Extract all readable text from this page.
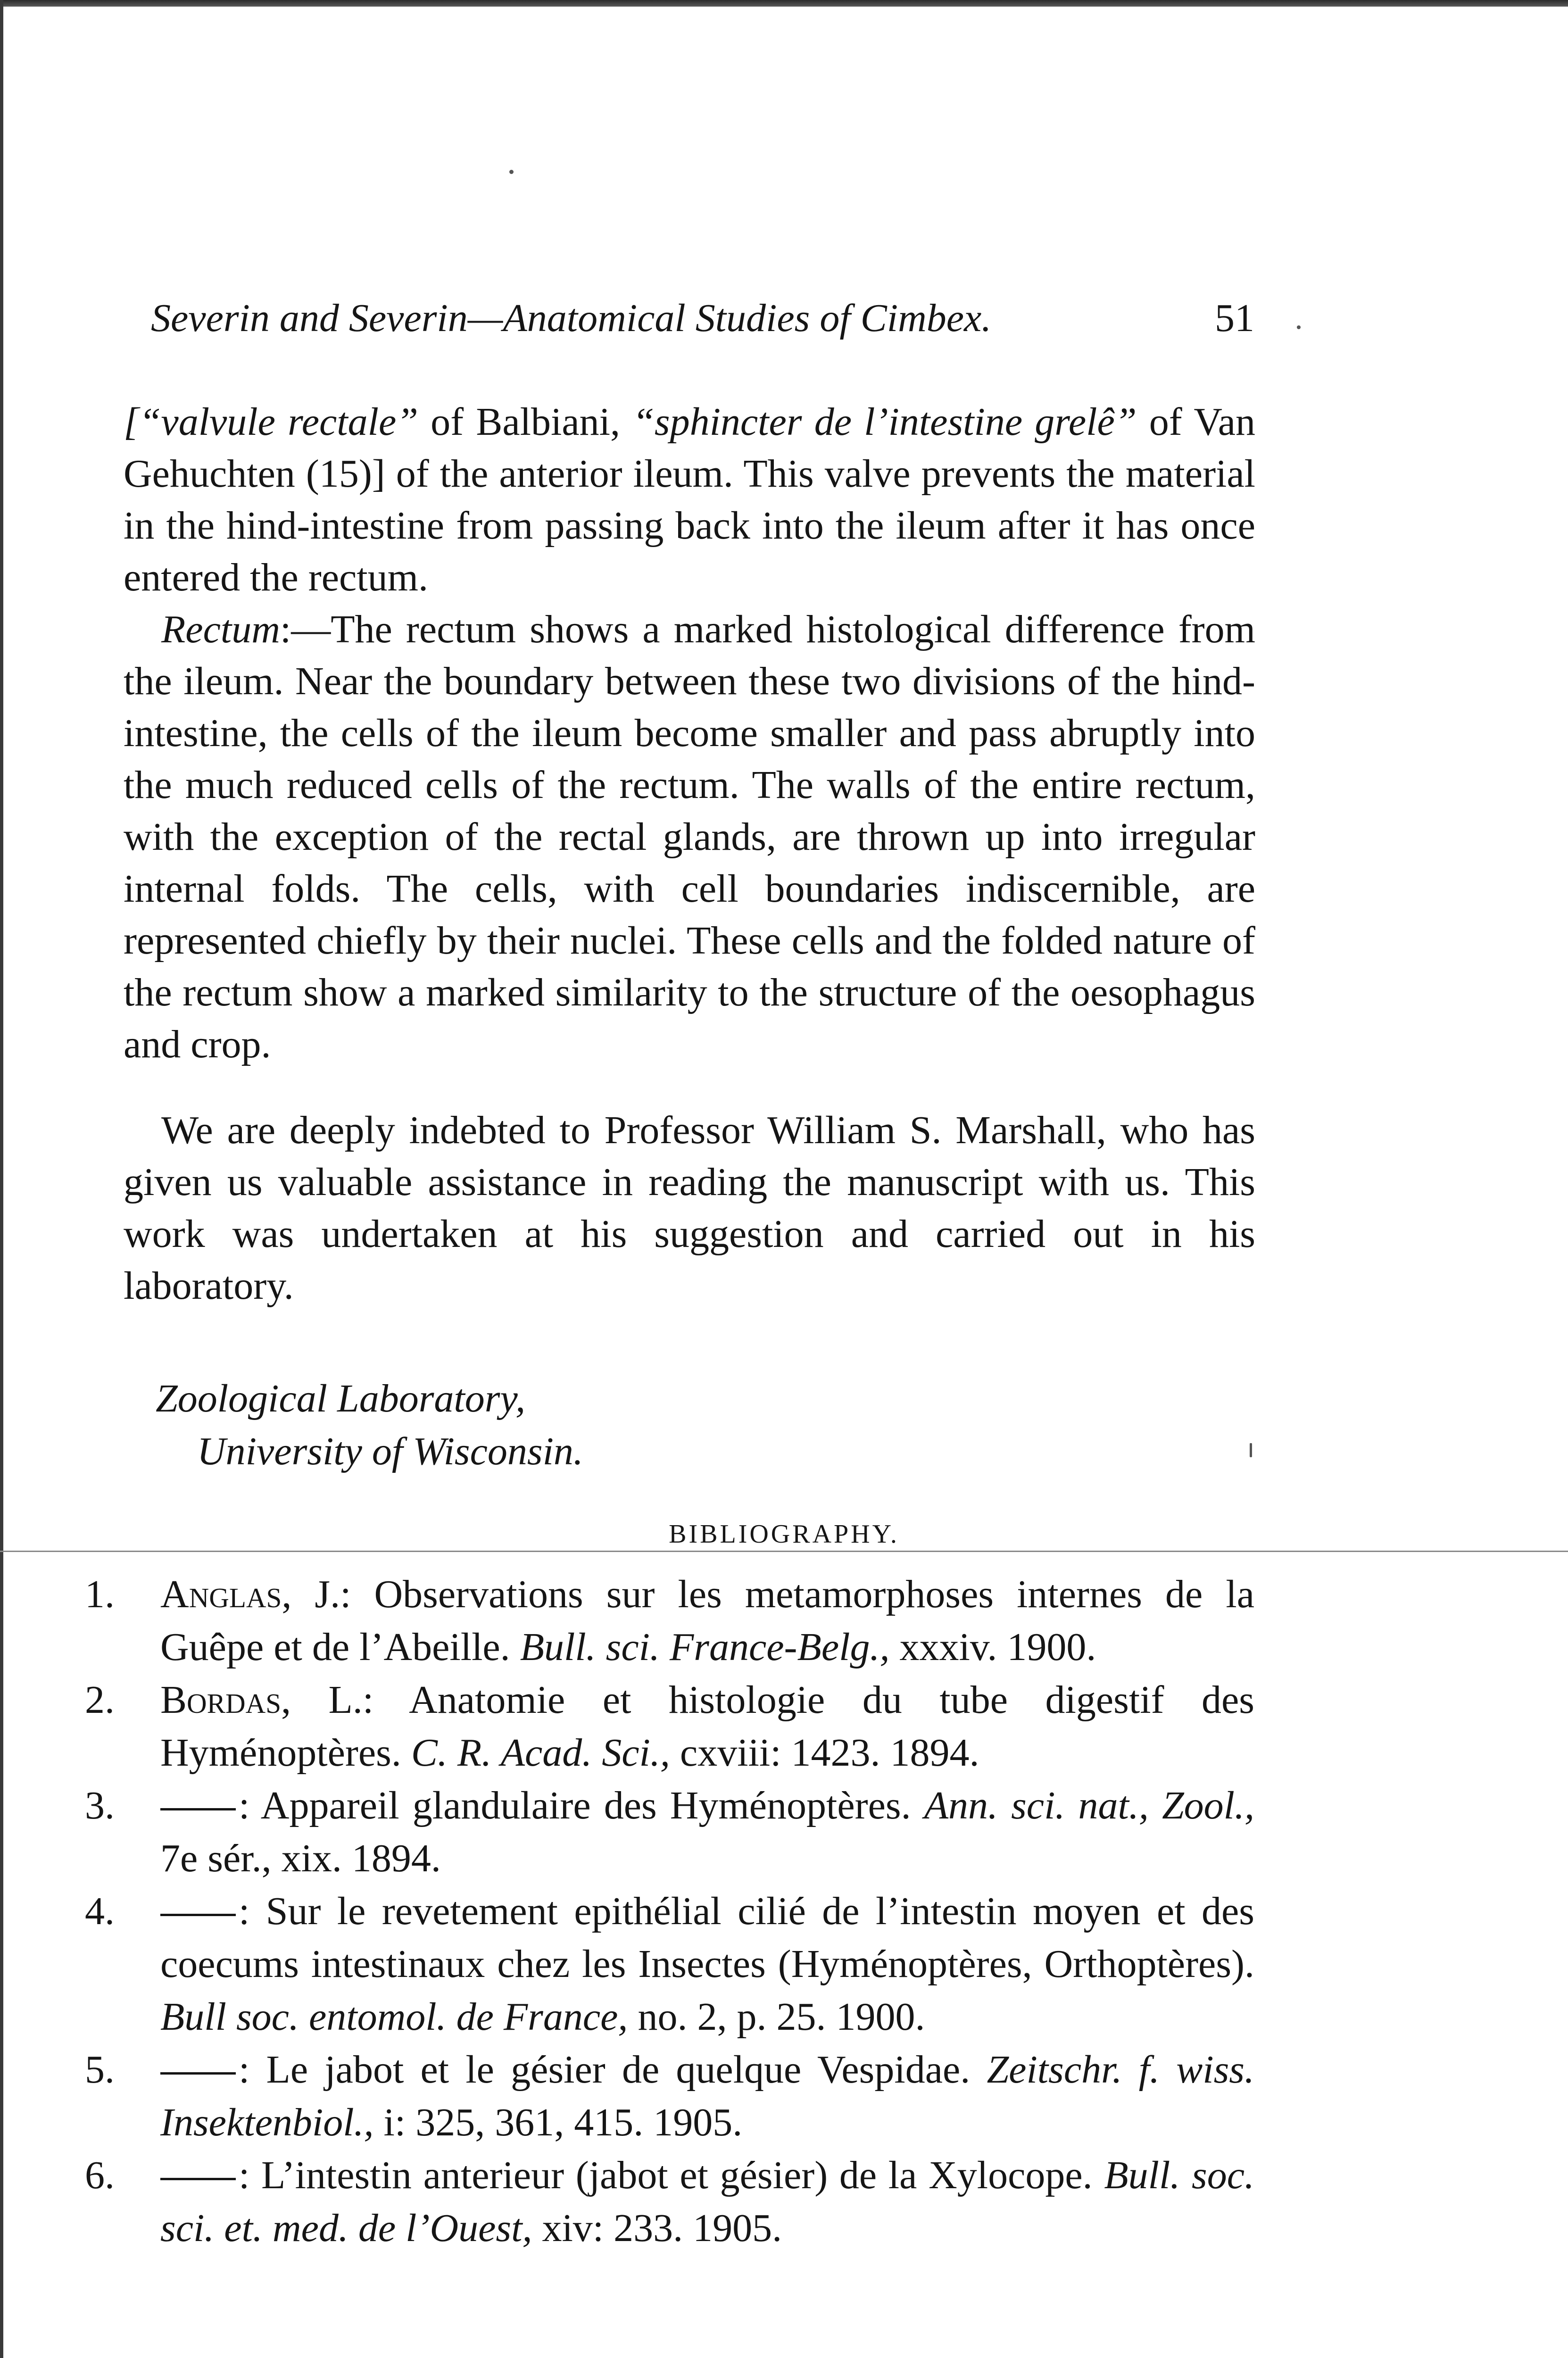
Severin and Severin—Anatomical Studies of Cimbex.	51

[“valvule rectale” of Balbiani, “sphincter de l’intestine grelê” of Van Gehuchten (15)] of the anterior ileum. This valve prevents the material in the hind-intestine from passing back into the ileum after it has once entered the rectum.

Rectum:—The rectum shows a marked histological difference from the ileum. Near the boundary between these two divisions of the hind-intestine, the cells of the ileum become smaller and pass abruptly into the much reduced cells of the rectum. The walls of the entire rectum, with the exception of the rectal glands, are thrown up into irregular internal folds. The cells, with cell boundaries indiscernible, are represented chiefly by their nuclei. These cells and the folded nature of the rectum show a marked similarity to the structure of the oesophagus and crop.

We are deeply indebted to Professor William S. Marshall, who has given us valuable assistance in reading the manuscript with us. This work was undertaken at his suggestion and carried out in his laboratory.

Zoological Laboratory,
University of Wisconsin.
BIBLIOGRAPHY.
1. Anglas, J.: Observations sur les metamorphoses internes de la Guêpe et de l’Abeille. Bull. sci. France-Belg., xxxiv. 1900.
2. Bordas, L.: Anatomie et histologie du tube digestif des Hyménoptères. C. R. Acad. Sci., cxviii: 1423. 1894.
3.	: Appareil glandulaire des Hyménoptères. Ann. sci. nat., Zool., 7e sér., xix. 1894.
4.	: Sur le revetement epithélial cilié de l’intestin moyen et des coecums intestinaux chez les Insectes (Hyménoptères, Orthoptères). Bull soc. entomol. de France, no. 2, p. 25. 1900.
5.	: Le jabot et le gésier de quelque Vespidae. Zeitschr. f. wiss. Insektenbiol., i: 325, 361, 415. 1905.
6.	: L’intestin anterieur (jabot et gésier) de la Xylocope. Bull. soc. sci. et. med. de l’Ouest, xiv: 233. 1905.
